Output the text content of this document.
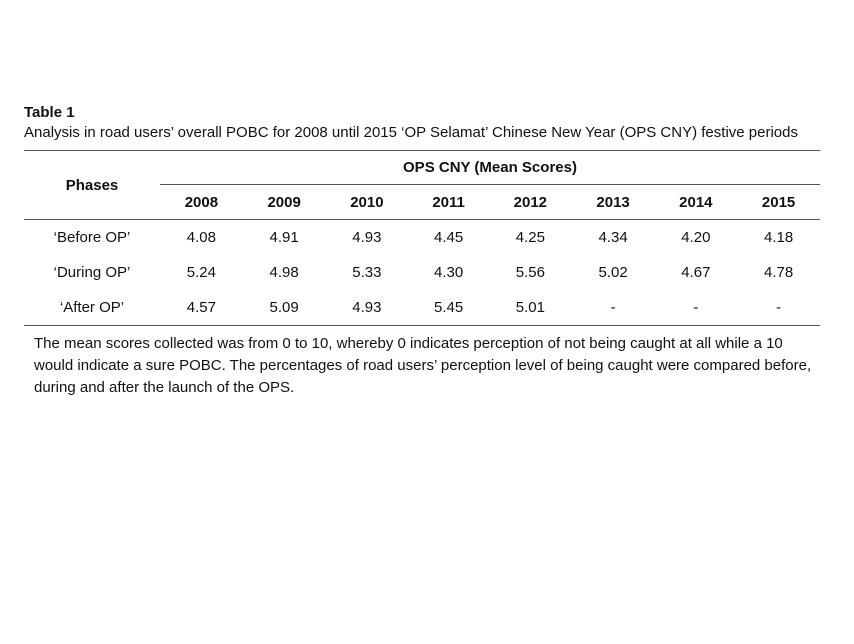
Table 1

Analysis in road users’ overall POBC for 2008 until 2015 ‘OP Selamat’ Chinese New Year (OPS CNY) festive periods

Phases	OPS CNY (Mean Scores)							
	2008	2009	2010	2011	2012	2013	2014	2015
‘Before OP’	4.08	4.91	4.93	4.45	4.25	4.34	4.20	4.18
‘During OP’	5.24	4.98	5.33	4.30	5.56	5.02	4.67	4.78
‘After OP’	4.57	5.09	4.93	5.45	5.01	-	-	-

The mean scores collected was from 0 to 10, whereby 0 indicates perception of not being caught at all while a 10 would indicate a sure POBC. The percentages of road users’ perception level of being caught were compared before, during and after the launch of the OPS.
